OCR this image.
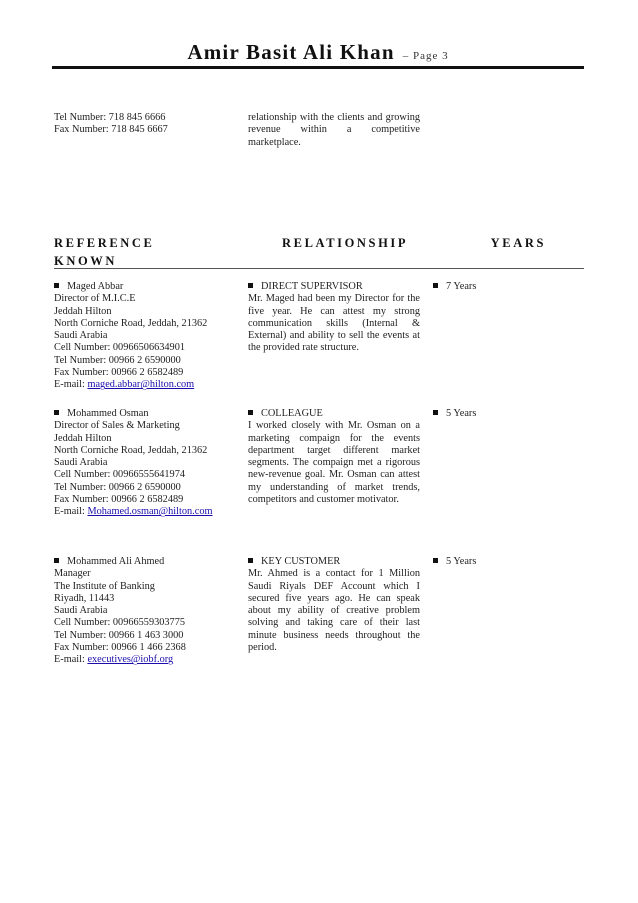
Amir Basit Ali Khan – Page 3
Tel Number: 718 845 6666
Fax Number: 718 845 6667
relationship with the clients and growing revenue within a competitive marketplace.
REFERENCE KNOWN
RELATIONSHIP	YEARS
Maged Abbar
Director of M.I.C.E
Jeddah Hilton
North Corniche Road, Jeddah, 21362
Saudi Arabia
Cell Number: 00966506634901
Tel Number: 00966 2 6590000
Fax Number: 00966 2 6582489
E-mail: maged.abbar@hilton.com
DIRECT SUPERVISOR
Mr. Maged had been my Director for the five year. He can attest my strong communication skills (Internal & External) and ability to sell the events at the provided rate structure.
7 Years
Mohammed Osman
Director of Sales & Marketing
Jeddah Hilton
North Corniche Road, Jeddah, 21362
Saudi Arabia
Cell Number: 00966555641974
Tel Number: 00966 2 6590000
Fax Number: 00966 2 6582489
E-mail: Mohamed.osman@hilton.com
COLLEAGUE
I worked closely with Mr. Osman on a marketing compaign for the events department target different market segments. The compaign met a rigorous new-revenue goal. Mr. Osman can attest my understanding of market trends, competitors and customer motivator.
5 Years
Mohammed Ali Ahmed
Manager
The Institute of Banking
Riyadh, 11443
Saudi Arabia
Cell Number: 00966559303775
Tel Number: 00966 1 463 3000
Fax Number: 00966 1 466 2368
E-mail: executives@iobf.org
KEY CUSTOMER
Mr. Ahmed is a contact for 1 Million Saudi Riyals DEF Account which I secured five years ago. He can speak about my ability of creative problem solving and taking care of their last minute business needs throughout the period.
5 Years
